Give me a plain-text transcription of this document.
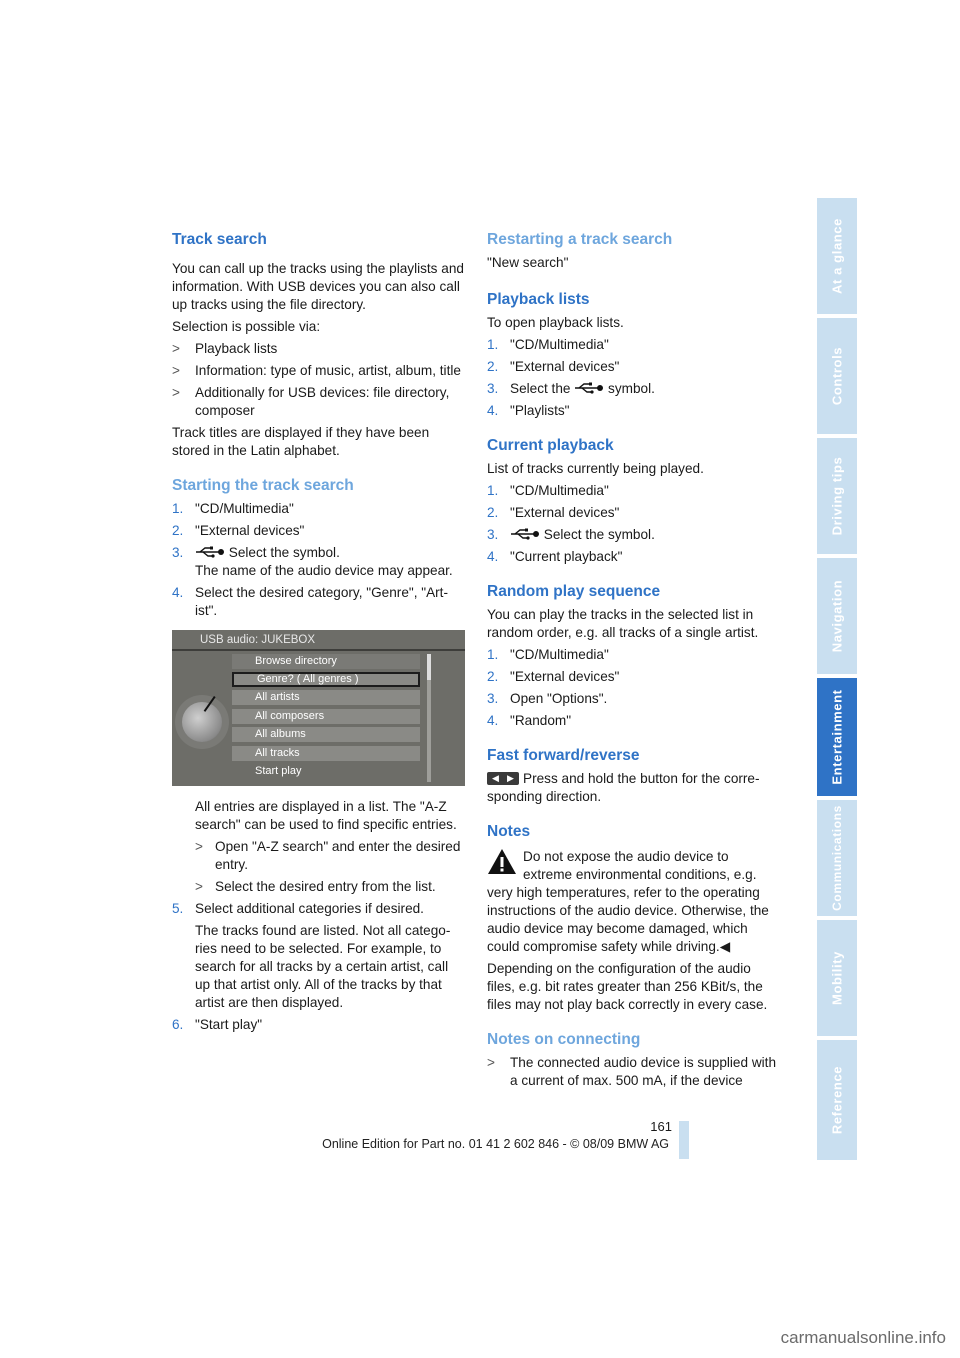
Track search

You can call up the tracks using the playlists and information. With USB devices you can also call up tracks using the file directory.

Selection is possible via:

> Playback lists
> Information: type of music, artist, album, title
> Additionally for USB devices: file directory, composer

Track titles are displayed if they have been stored in the Latin alphabet.

Starting the track search
1. "CD/Multimedia"
2. "External devices"
3.	Select the symbol.
The name of the audio device may appear.
4. Select the desired category, "Genre", "Art-ist".
USB audio: JUKEBOX
Browse directory
Genre? ( All genres )
All artists
All composers
All albums
All tracks
Start play

All entries are displayed in a list. The "A-Z search" can be used to find specific entries.

> Open "A-Z search" and enter the desired entry.
> Select the desired entry from the list.
5. Select additional categories if desired.

The tracks found are listed. Not all catego-ries need to be selected. For example, to search for all tracks by a certain artist, call up that artist only. All of the tracks by that artist are then displayed.

6. "Start play"
Restarting a track search

"New search"

Playback lists

To open playback lists.

1. "CD/Multimedia"
2. "External devices"
3. Select the	symbol.
4. "Playlists"
Current playback

List of tracks currently being played.

1. "CD/Multimedia"
2. "External devices"
3.	Select the symbol.
4. "Current playback"
Random play sequence

You can play the tracks in the selected list in random order, e.g. all tracks of a single artist.

1. "CD/Multimedia"
2. "External devices"
3. Open "Options".
4. "Random"
Fast forward/reverse

◀ ▶ Press and hold the button for the corre-sponding direction.

Notes

Do not expose the audio device to extreme environmental conditions, e.g. very high temperatures, refer to the operating instructions of the audio device. Otherwise, the audio device may become damaged, which could compromise safety while driving.◀

Depending on the configuration of the audio files, e.g. bit rates greater than 256 KBit/s, the files may not play back correctly in every case.

Notes on connecting
> The connected audio device is supplied with a current of max. 500 mA, if the device
At a glance
Controls
Driving tips
Navigation
Entertainment
Communications
Mobility
Reference
161
Online Edition for Part no. 01 41 2 602 846 - © 08/09 BMW AG
carmanualsonline.info
